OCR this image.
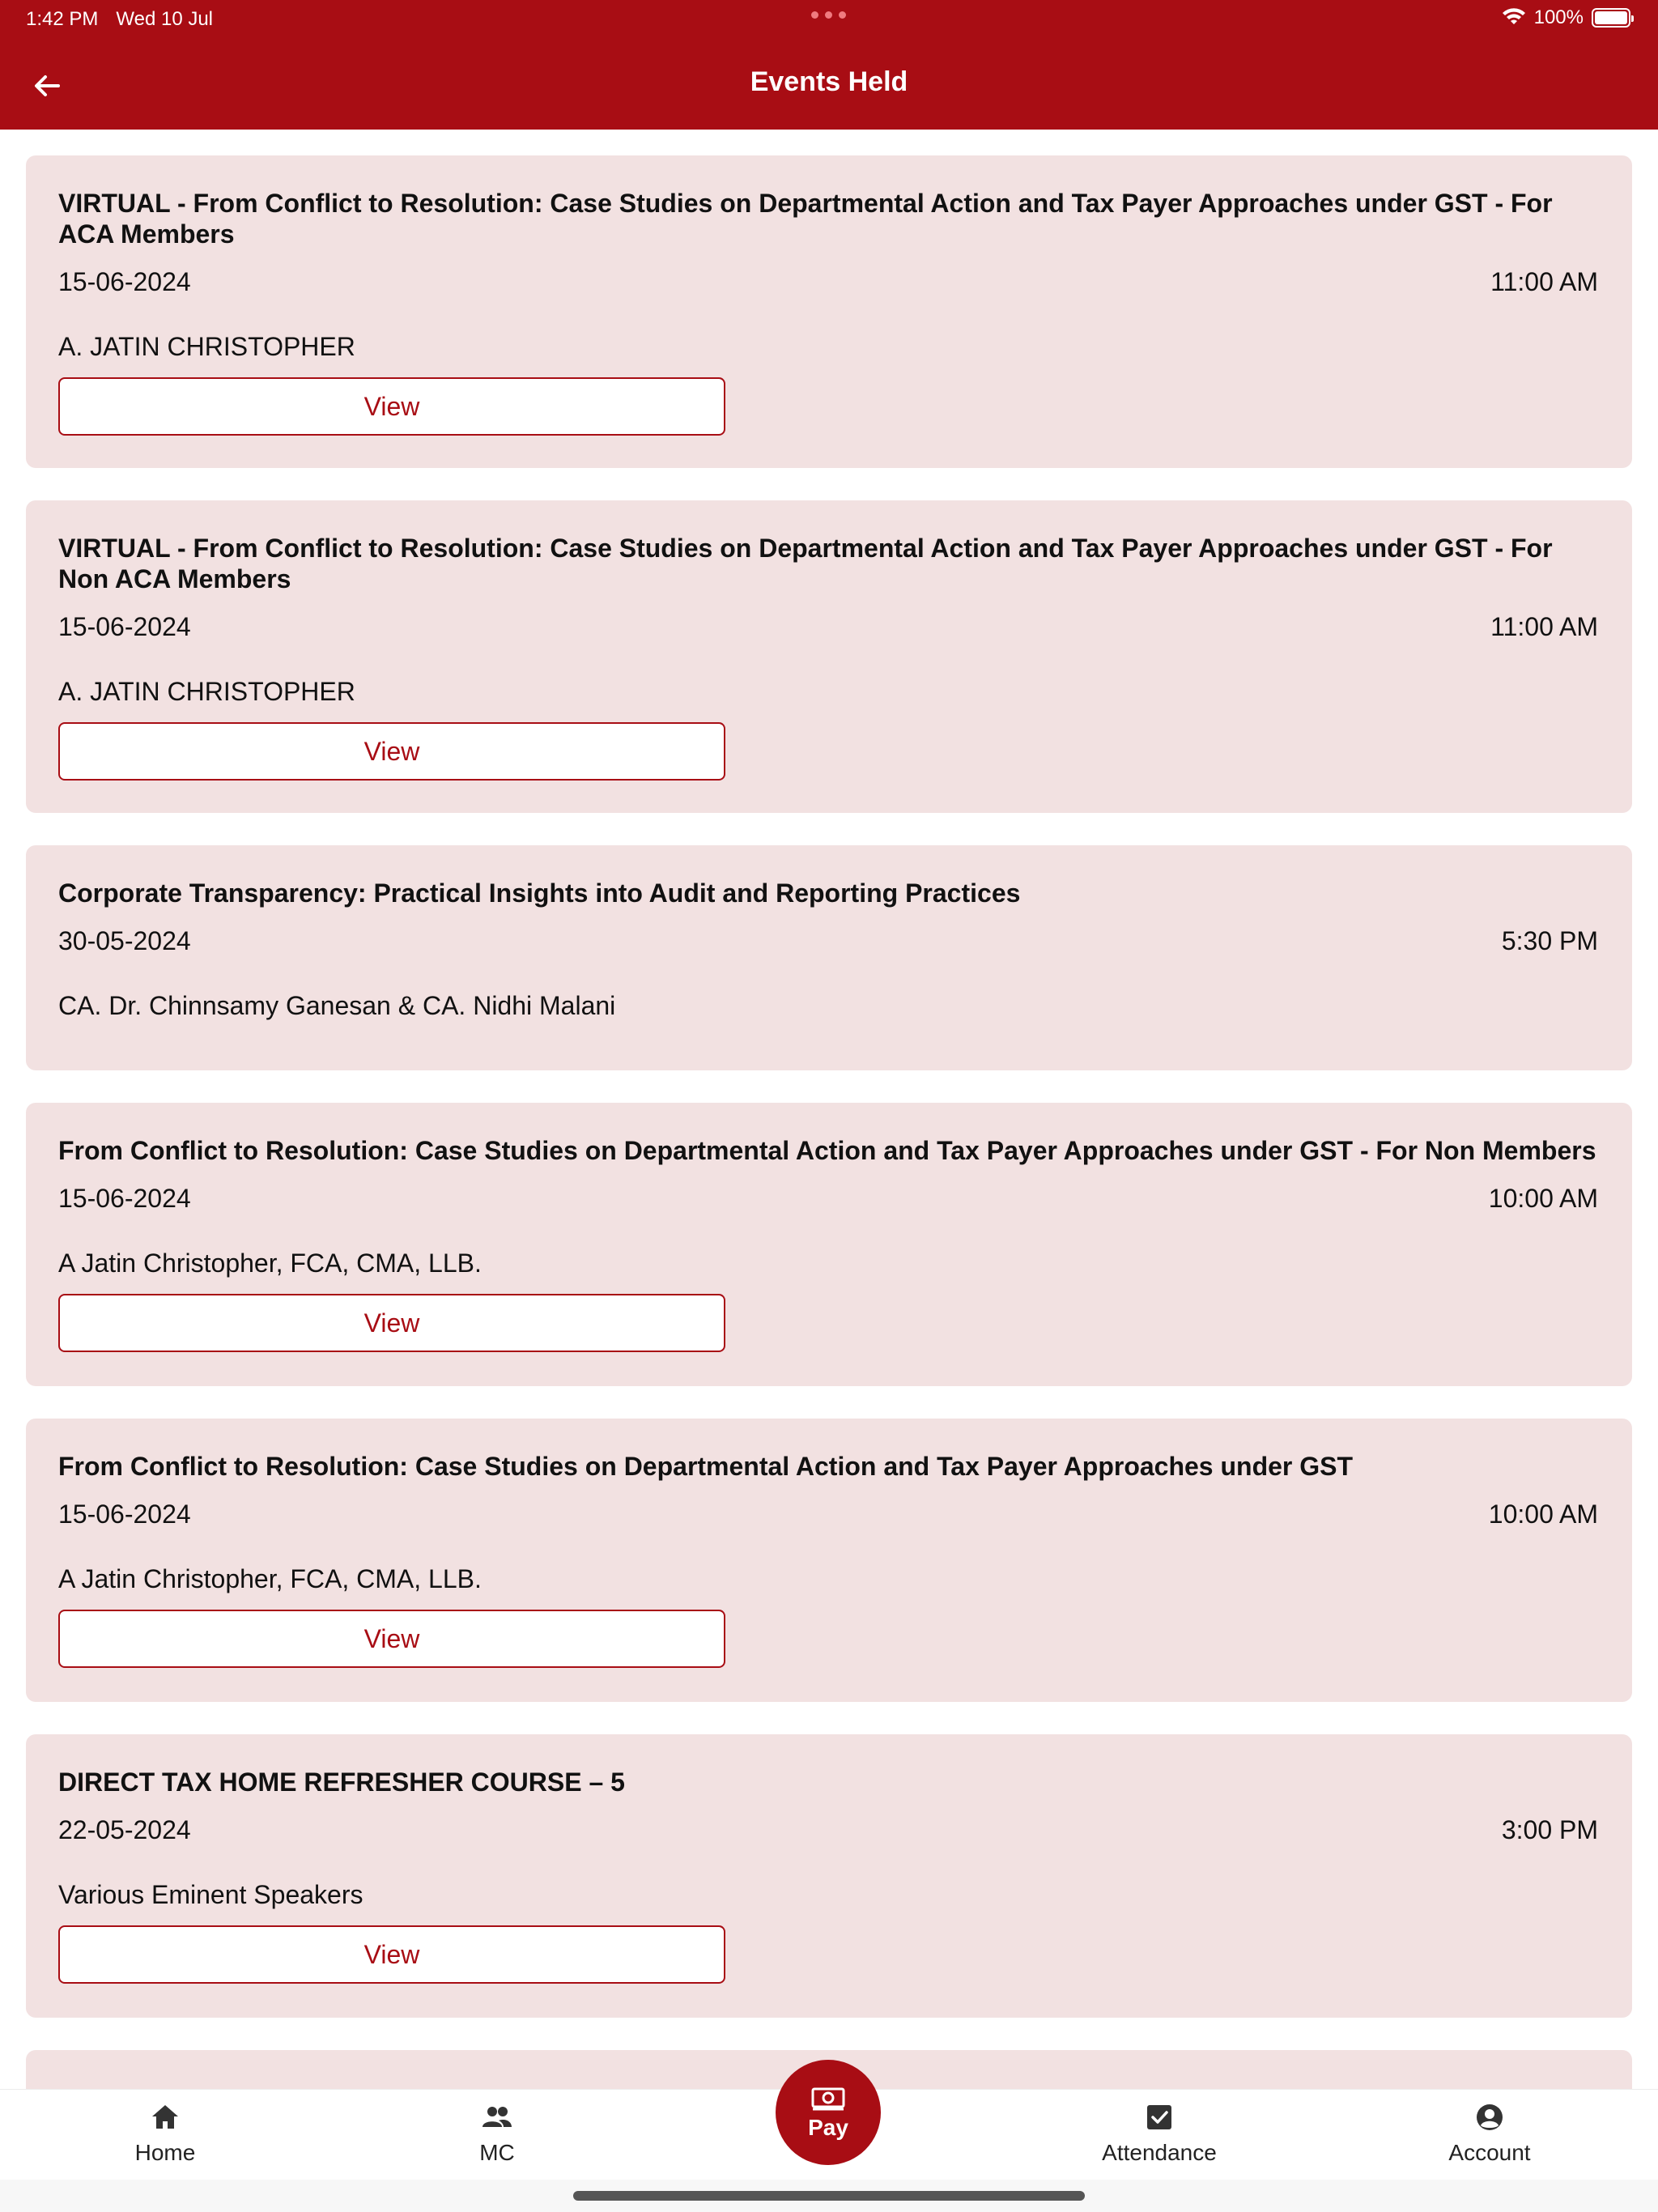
1:42 PM Wed 10 Jul	100%
Events Held
VIRTUAL - From Conflict to Resolution: Case Studies on Departmental Action and Tax Payer Approaches under GST - For ACA Members
15-06-2024	11:00 AM
A. JATIN CHRISTOPHER
View
VIRTUAL - From Conflict to Resolution: Case Studies on Departmental Action and Tax Payer Approaches under GST - For Non ACA Members
15-06-2024	11:00 AM
A. JATIN CHRISTOPHER
View
Corporate Transparency: Practical Insights into Audit and Reporting Practices
30-05-2024	5:30 PM
CA. Dr. Chinnsamy Ganesan & CA. Nidhi Malani
From Conflict to Resolution: Case Studies on Departmental Action and Tax Payer Approaches under GST - For Non Members
15-06-2024	10:00 AM
A Jatin Christopher, FCA, CMA, LLB.
View
From Conflict to Resolution: Case Studies on Departmental Action and Tax Payer Approaches under GST
15-06-2024	10:00 AM
A Jatin Christopher, FCA, CMA, LLB.
View
DIRECT TAX HOME REFRESHER COURSE – 5
22-05-2024	3:00 PM
Various Eminent Speakers
View
Home	MC	Attendance	Account
Pay
